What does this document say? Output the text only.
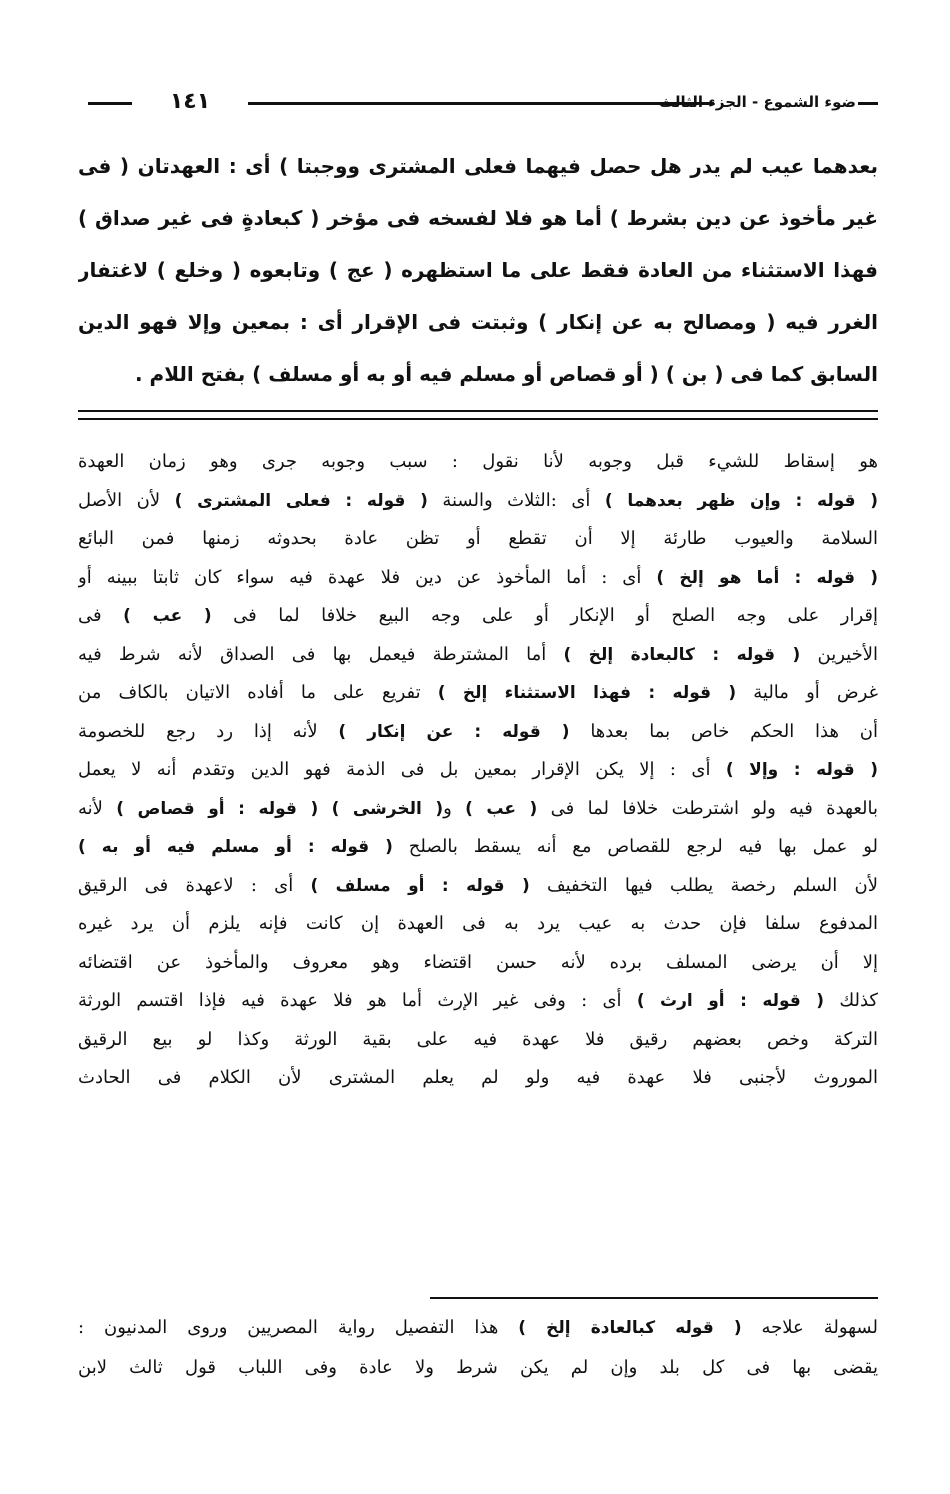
١٤١	ضوء الشموع - الجزء الثالث
بعدهما عيب لم يدر هل حصل فيهما فعلى المشترى ووجبتا ) أى : العهدتان ( فى
غير مأخوذ عن دين بشرط ) أما هو فلا لفسخه فى مؤخر ( كبعادةٍ فى غير صداق )
فهذا الاستثناء من العادة فقط على ما استظهره ( عج ) وتابعوه ( وخلع ) لاغتفار
الغرر فيه ( ومصالح به عن إنكار ) وثبتت فى الإقرار أى : بمعين وإلا فهو الدين
السابق كما فى ( بن ) ( أو قصاص أو مسلم فيه أو به أو مسلف ) بفتح اللام .
هو إسقاط للشيء قبل وجوبه لأنا نقول : سبب وجوبه جرى وهو زمان العهدة
( قوله : وإن ظهر بعدهما ) أى :الثلاث والسنة ( قوله : فعلى المشترى ) لأن الأصل
السلامة والعيوب طارئة إلا أن تقطع أو تظن عادة بحدوثه زمنها فمن البائع
( قوله : أما هو إلخ ) أى : أما المأخوذ عن دين فلا عهدة فيه سواء كان ثابتا ببينه أو
إقرار على وجه الصلح أو الإنكار أو على وجه البيع خلافا لما فى ( عب ) فى
الأخيرين ( قوله : كالبعادة إلخ ) أما المشترطة فيعمل بها فى الصداق لأنه شرط فيه
غرض أو مالية ( قوله : فهذا الاستثناء إلخ ) تفريع على ما أفاده الاتيان بالكاف من
أن هذا الحكم خاص بما بعدها ( قوله : عن إنكار ) لأنه إذا رد رجع للخصومة
( قوله : وإلا ) أى : إلا يكن الإقرار بمعين بل فى الذمة فهو الدين وتقدم أنه لا يعمل
بالعهدة فيه ولو اشترطت خلافا لما فى ( عب ) و( الخرشى ) ( قوله : أو قصاص ) لأنه
لو عمل بها فيه لرجع للقصاص مع أنه يسقط بالصلح ( قوله : أو مسلم فيه أو به )
لأن السلم رخصة يطلب فيها التخفيف ( قوله : أو مسلف ) أى : لاعهدة فى الرقيق
المدفوع سلفا فإن حدث به عيب يرد به فى العهدة إن كانت فإنه يلزم أن يرد غيره
إلا أن يرضى المسلف برده لأنه حسن اقتضاء وهو معروف والمأخوذ عن اقتضائه
كذلك ( قوله : أو ارث ) أى : وفى غير الإرث أما هو فلا عهدة فيه فإذا اقتسم الورثة
التركة وخص بعضهم رقيق فلا عهدة فيه على بقية الورثة وكذا لو بيع الرقيق
الموروث لأجنبى فلا عهدة فيه ولو لم يعلم المشترى لأن الكلام فى الحادث
لسهولة علاجه ( قوله كبالعادة إلخ ) هذا التفصيل رواية المصريين وروى المدنيون :
يقضى بها فى كل بلد وإن لم يكن شرط ولا عادة وفى اللباب قول ثالث لابن
